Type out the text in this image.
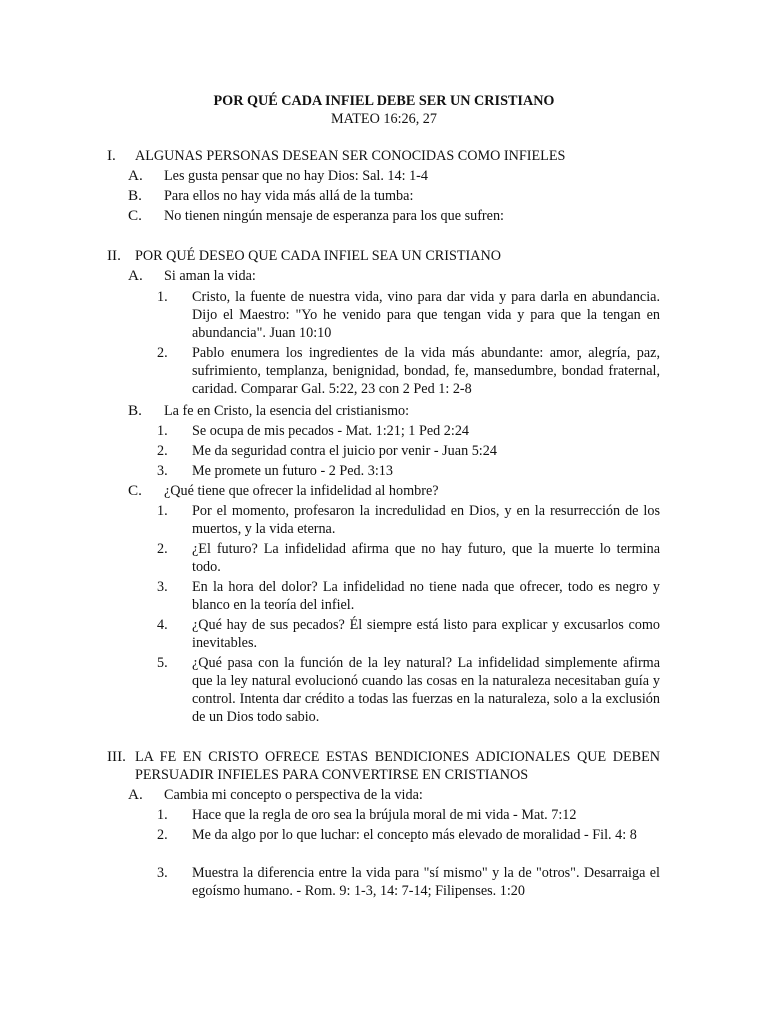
POR QUÉ CADA INFIEL DEBE SER UN CRISTIANO
MATEO 16:26, 27
I. ALGUNAS PERSONAS DESEAN SER CONOCIDAS COMO INFIELES
A. Les gusta pensar que no hay Dios: Sal. 14: 1-4
B. Para ellos no hay vida más allá de la tumba:
C. No tienen ningún mensaje de esperanza para los que sufren:
II. POR QUÉ DESEO QUE CADA INFIEL SEA UN CRISTIANO
A. Si aman la vida:
1. Cristo, la fuente de nuestra vida, vino para dar vida y para darla en abundancia. Dijo el Maestro: "Yo he venido para que tengan vida y para que la tengan en abundancia". Juan 10:10
2. Pablo enumera los ingredientes de la vida más abundante: amor, alegría, paz, sufrimiento, templanza, benignidad, bondad, fe, mansedumbre, bondad fraternal, caridad. Comparar Gal. 5:22, 23 con 2 Ped 1: 2-8
B. La fe en Cristo, la esencia del cristianismo:
1. Se ocupa de mis pecados - Mat. 1:21; 1 Ped 2:24
2. Me da seguridad contra el juicio por venir - Juan 5:24
3. Me promete un futuro - 2 Ped. 3:13
C. ¿Qué tiene que ofrecer la infidelidad al hombre?
1. Por el momento, profesaron la incredulidad en Dios, y en la resurrección de los muertos, y la vida eterna.
2. ¿El futuro? La infidelidad afirma que no hay futuro, que la muerte lo termina todo.
3. En la hora del dolor? La infidelidad no tiene nada que ofrecer, todo es negro y blanco en la teoría del infiel.
4. ¿Qué hay de sus pecados? Él siempre está listo para explicar y excusarlos como inevitables.
5. ¿Qué pasa con la función de la ley natural? La infidelidad simplemente afirma que la ley natural evolucionó cuando las cosas en la naturaleza necesitaban guía y control. Intenta dar crédito a todas las fuerzas en la naturaleza, solo a la exclusión de un Dios todo sabio.
III. LA FE EN CRISTO OFRECE ESTAS BENDICIONES ADICIONALES QUE DEBEN PERSUADIR INFIELES PARA CONVERTIRSE EN CRISTIANOS
A. Cambia mi concepto o perspectiva de la vida:
1. Hace que la regla de oro sea la brújula moral de mi vida - Mat. 7:12
2. Me da algo por lo que luchar: el concepto más elevado de moralidad - Fil. 4: 8
3. Muestra la diferencia entre la vida para "sí mismo" y la de "otros". Desarraiga el egoísmo humano. - Rom. 9: 1-3, 14: 7-14; Filipenses. 1:20
